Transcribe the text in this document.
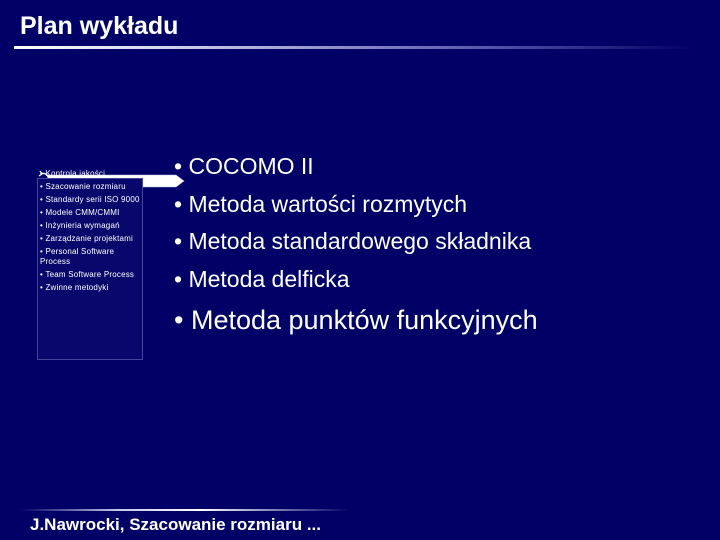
Plan wykładu
• Kontrola jakości
• Szacowanie rozmiaru
• Standardy serii ISO 9000
• Modele CMM/CMMI
• Inżynieria wymagań
• Zarządzanie projektami
• Personal Software Process
• Team Software Process
• Zwinne metodyki
• COCOMO II
• Metoda wartości rozmytych
• Metoda standardowego składnika
• Metoda delficka
• Metoda punktów funkcyjnych
J.Nawrocki, Szacowanie rozmiaru ...
